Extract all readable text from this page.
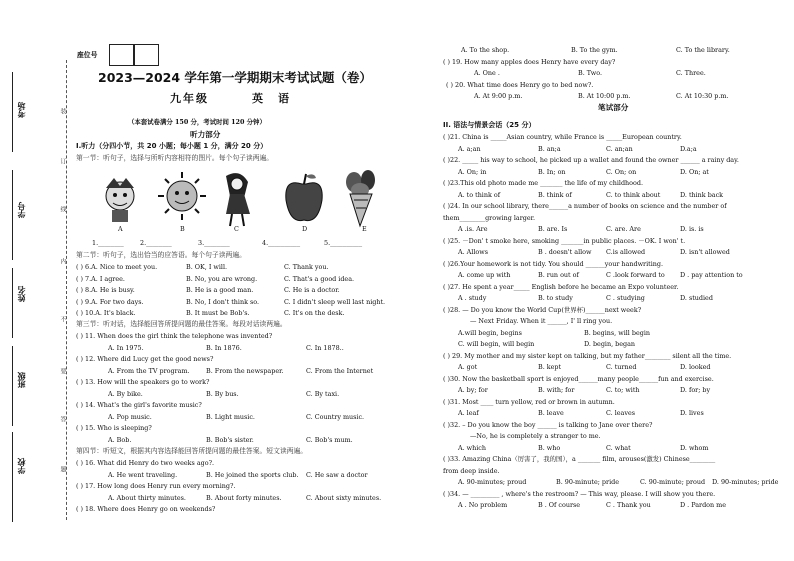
考场
学号
姓名
班级
学校
装
订
线
内
不
要
答
题
座位号
2023—2024 学年第一学期期末考试试题（卷）
九年级	英　语
（本套试卷满分 150 分，考试时间 120 分钟）
听力部分
Ⅰ.听力（分四小节，共 20 小题；每小题 1 分，满分 20 分）
第一节：听句子，选择与所听内容相符的图片。每个句子读两遍。
A	B	C	D	E
1.________	2.________	3.________	4.__________	5.__________
第二节：听句子，选出恰当的应答语。每个句子读两遍。
第三节：听对话，选择能回答所提问题的最佳答案。每段对话读两遍。
第四节：听短文，根据其内容选择能回答所提问题的最佳答案。短文读两遍。
A. To the shop.	B. To the gym.	C. To the library.
( ) 19. How many apples does Henry have every day?
A. One .	B. Two.	C. Three.
( ) 20. What time does Henry go to bed now?.
A. At 9:00 p.m.	B. At 10:00 p.m.	C. At 10:30 p.m.
笔试部分
II. 语法与情景会话（25 分）
( ) 6.A. Nice to meet you.	B. OK, I will.	C. Thank you.
( ) 7.A. I agree.	B. No, you are wrong.	C. That's a good idea.
( ) 8.A. He is busy.	B. He is a good man.	C. He is a doctor.
( ) 9.A. For two days.	B. No, I don't think so.	C. I didn't sleep well last night.
( ) 10.A. It's black.	B. It must be Bob's.	C. It's on the desk.
( ) 11. When does the girl think the telephone was invented?
A. In 1975.	B. In 1876.	C. In 1878..
( ) 12. Where did Lucy get the good news?
A. From the TV program.	B. From the newspaper.	C. From the Internet
( ) 13. How will the speakers go to work?
A. By bike.	B. By bus.	C. By taxi.
( ) 14. What's the girl's favorite music?
A. Pop music.	B. Light music.	C. Country music.
( ) 15. Who is sleeping?
A. Bob.	B. Bob's sister.	C. Bob's mum.
( ) 16. What did Henry do two weeks ago?.
A. He went traveling.	B. He joined the sports club. C. He saw a doctor
( ) 17. How long does Henry run every morning?.
A. About thirty minutes.	B. About forty minutes.	C. About sixty minutes.
( ) 18. Where does Henry go on weekends?
( )21. China is _____Asian country, while France is _____European country.
A. a;an	B. an;a	C. an;an	D.a;a
( )22. _____ his way to school, he picked up a wallet and found the owner ______ a rainy day.
A. On; in	B. In; on	C. On; on	D. On; at
( )23.This old photo made me _______ the life of my childhood.
A. to think of	B. think of	C. to think about	D. think back
( )24. In our school library, there______a number of books on science and the number of
them________growing larger.
A .is. Are	B. are. Is	C. are. Are	D. is. is
( )25. －Don' t smoke here, smoking _______in public places. －OK. I won' t.
A. Allows	B . doesn't allow C.is allowed	D. isn't allowed
( )26.Your homework is not tidy. You should ______your handwriting.
A. come up with	B. run out of	C .look forward to D . pay attention to
( )27. He spent a year_____ English before he became an Expo volunteer.
A . study	B. to study	C . studying	D. studied
( )28. — Do you know the World Cup(世界杯)______next week?
— Next Friday. When it ______, I' ll ring you.
A.will begin, begins	B. begins, will begin
C. will begin, will begin	D. begin, began
( ) 29. My mother and my sister kept on talking, but my father________ silent all the time.
A. got	B. kept	C. turned	D. looked
( )30. Now the basketball sport is enjoyed______many people______fun and exercise.
A. by; for	B. with; for	C. to; with	D. for; by
( )31. Most ____ turn yellow, red or brown in autumn.
A. leaf	B. leave	C. leaves	D. lives
( )32. – Do you know the boy ______ is talking to Jane over there?
—No, he is completely a stranger to me.
A. which	B. who	C. what	D. whom
( )33. Amazing China（厉害了，我的国），a _______ film, arouses(激发) Chinese________
from deep inside.
A. 90-minutes; proud	B. 90-minute; pride	C. 90-minute; proud D. 90-minutes; pride
( )34. — _________ , where's the restroom? — This way, please. I will show you there.
A . No problem	B . Of course	C . Thank you	D . Pardon me
